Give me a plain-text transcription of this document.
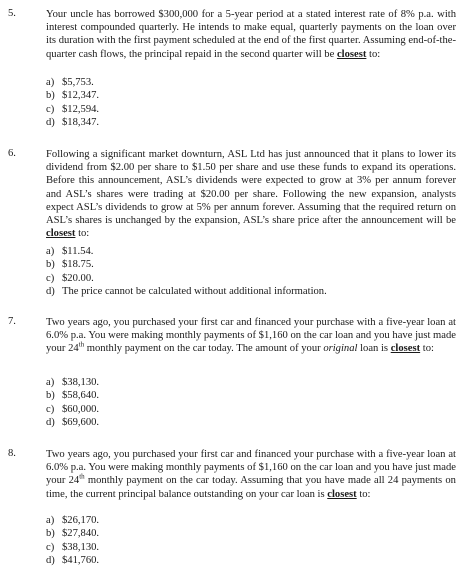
5.	Your uncle has borrowed $300,000 for a 5-year period at a stated interest rate of 8% p.a. with interest compounded quarterly. He intends to make equal, quarterly payments on the loan over its duration with the first payment scheduled at the end of the first quarter. Assuming end-of-the-quarter cash flows, the principal repaid in the second quarter will be closest to:
a) $5,753.
b) $12,347.
c) $12,594.
d) $18,347.
6.	Following a significant market downturn, ASL Ltd has just announced that it plans to lower its dividend from $2.00 per share to $1.50 per share and use these funds to expand its operations. Before this announcement, ASL’s dividends were expected to grow at 3% per annum forever and ASL’s shares were trading at $20.00 per share. Following the new expansion, analysts expect ASL’s dividends to grow at 5% per annum forever. Assuming that the required return on ASL’s shares is unchanged by the expansion, ASL’s share price after the announcement will be closest to:
a) $11.54.
b) $18.75.
c) $20.00.
d) The price cannot be calculated without additional information.
7.	Two years ago, you purchased your first car and financed your purchase with a five-year loan at 6.0% p.a. You were making monthly payments of $1,160 on the car loan and you have just made your 24th monthly payment on the car today. The amount of your original loan is closest to:
a) $38,130.
b) $58,640.
c) $60,000.
d) $69,600.
8.	Two years ago, you purchased your first car and financed your purchase with a five-year loan at 6.0% p.a. You were making monthly payments of $1,160 on the car loan and you have just made your 24th monthly payment on the car today. Assuming that you have made all 24 payments on time, the current principal balance outstanding on your car loan is closest to:
a) $26,170.
b) $27,840.
c) $38,130.
d) $41,760.
